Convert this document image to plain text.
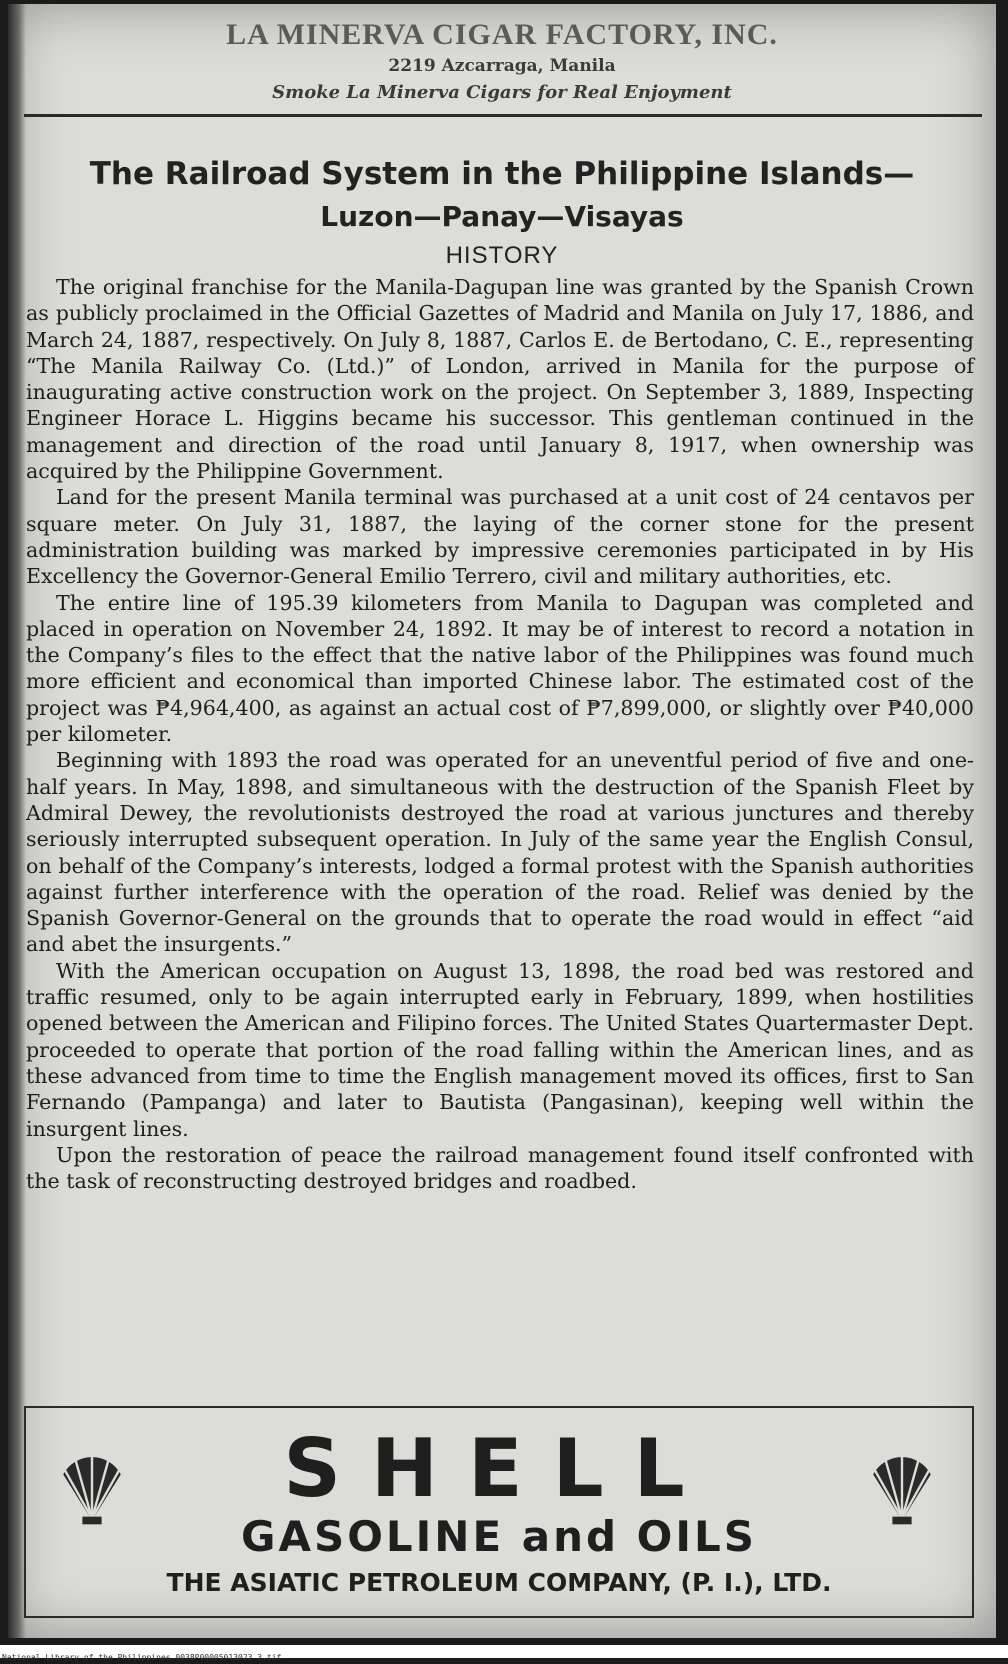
LA MINERVA CIGAR FACTORY, INC.
2219 Azcarraga, Manila
Smoke La Minerva Cigars for Real Enjoyment
The Railroad System in the Philippine Islands—
Luzon—Panay—Visayas
HISTORY

The original franchise for the Manila-Dagupan line was granted by the Spanish Crown as publicly proclaimed in the Official Gazettes of Madrid and Manila on July 17, 1886, and March 24, 1887, respectively. On July 8, 1887, Carlos E. de Bertodano, C. E., representing “The Manila Railway Co. (Ltd.)” of London, arrived in Manila for the purpose of inaugurating active construction work on the project. On September 3, 1889, Inspecting Engineer Horace L. Higgins became his successor. This gentleman continued in the management and direction of the road until January 8, 1917, when ownership was acquired by the Philippine Government.

Land for the present Manila terminal was purchased at a unit cost of 24 centavos per square meter. On July 31, 1887, the laying of the corner stone for the present administration building was marked by impressive ceremonies participated in by His Excellency the Governor-General Emilio Terrero, civil and military authorities, etc.

The entire line of 195.39 kilometers from Manila to Dagupan was completed and placed in operation on November 24, 1892. It may be of interest to record a notation in the Company’s files to the effect that the native labor of the Philippines was found much more efficient and economical than imported Chinese labor. The estimated cost of the project was ₱4,964,400, as against an actual cost of ₱7,899,000, or slightly over ₱40,000 per kilometer.

Beginning with 1893 the road was operated for an uneventful period of five and one-half years. In May, 1898, and simultaneous with the destruction of the Spanish Fleet by Admiral Dewey, the revolutionists destroyed the road at various junctures and thereby seriously interrupted subsequent operation. In July of the same year the English Consul, on behalf of the Company’s interests, lodged a formal protest with the Spanish authorities against further interference with the operation of the road. Relief was denied by the Spanish Governor-General on the grounds that to operate the road would in effect “aid and abet the insurgents.”

With the American occupation on August 13, 1898, the road bed was restored and traffic resumed, only to be again interrupted early in February, 1899, when hostilities opened between the American and Filipino forces. The United States Quartermaster Dept. proceeded to operate that portion of the road falling within the American lines, and as these advanced from time to time the English management moved its offices, first to San Fernando (Pampanga) and later to Bautista (Pangasinan), keeping well within the insurgent lines.

Upon the restoration of peace the railroad management found itself confronted with the task of reconstructing destroyed bridges and roadbed.

SHELL
GASOLINE and OILS
THE ASIATIC PETROLEUM COMPANY, (P. I.), LTD.
National Library of the Philippines 0038P00005013023 3.tif
